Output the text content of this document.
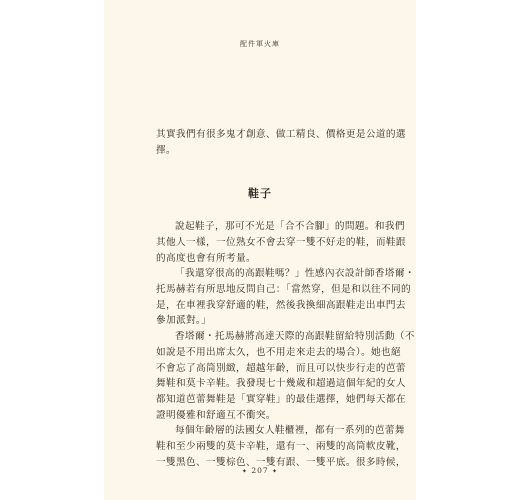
配件軍火庫

其實我們有很多鬼才創意、做工精良、價格更是公道的選
擇。

鞋子

說起鞋子，那可不光是「合不合腳」的問題。和我們
其他人一樣，一位熟女不會去穿一雙不好走的鞋，而鞋跟
的高度也會有所考量。

「我還穿很高的高跟鞋嗎？」性感內衣設計師香塔爾・
托馬赫若有所思地反問自己：「當然穿，但是和以往不同的
是，在車裡我穿舒適的鞋，然後我換細高跟鞋走出車門去
參加派對。」

香塔爾・托馬赫將高達天際的高跟鞋留給特別活動（不
如說是不用出席太久，也不用走來走去的場合）。她也絕
不會忘了高筒別緻，超越年齡，而且可以快步行走的芭蕾
舞鞋和莫卡辛鞋。我發現七十幾歲和超過這個年紀的女人
都知道芭蕾舞鞋是「實穿鞋」的最佳選擇，她們每天都在
證明優雅和舒適互不衝突。

每個年齡層的法國女人鞋櫃裡，都有一系列的芭蕾舞
鞋和至少兩雙的莫卡辛鞋，還有一、兩雙的高筒軟皮靴，
一雙黑色、一雙棕色、一雙有跟、一雙平底。很多時候，

✦ 207 ✦
